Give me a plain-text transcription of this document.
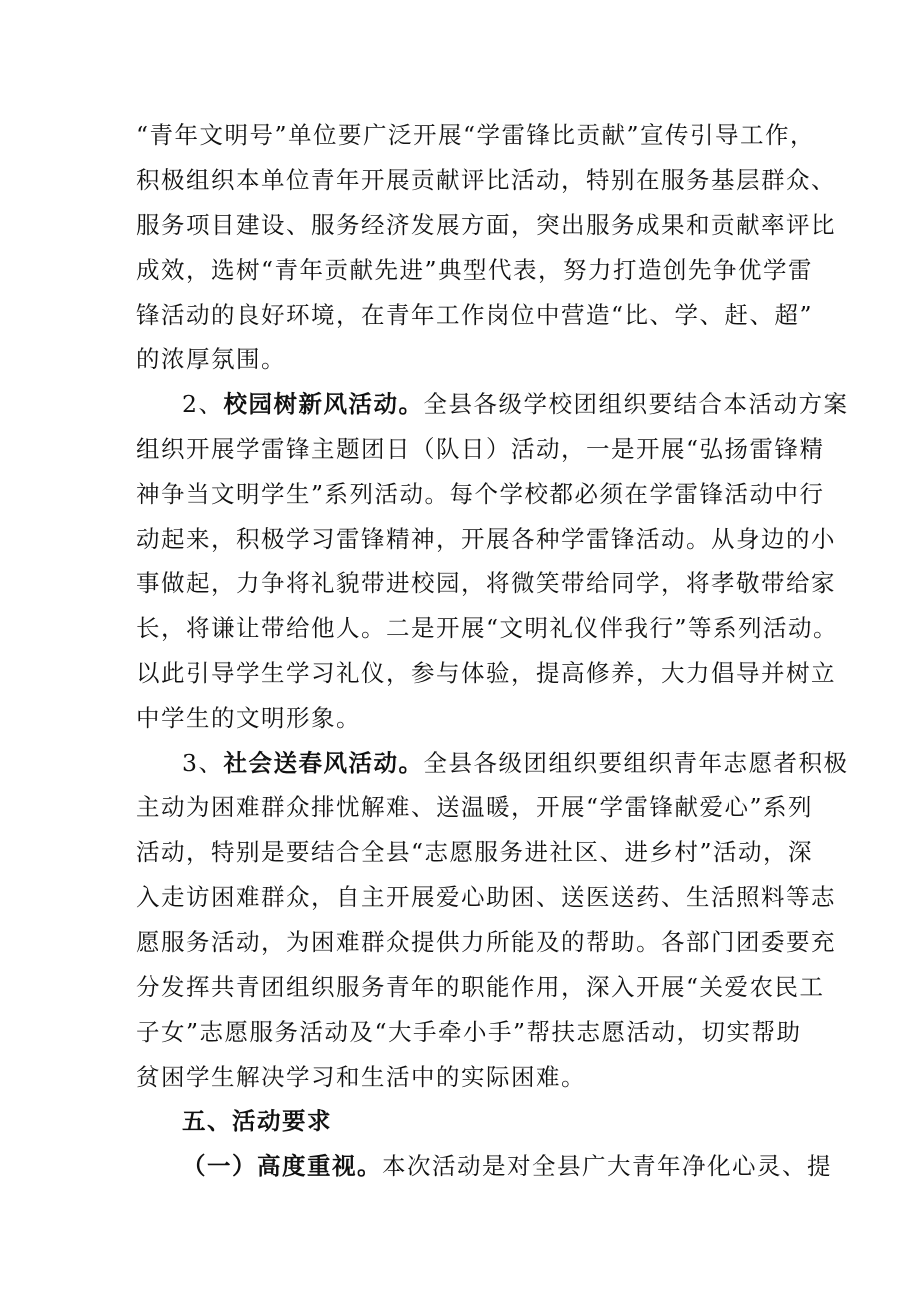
“青年文明号”单位要广泛开展“学雷锋比贡献”宣传引导工作，
积极组织本单位青年开展贡献评比活动，特别在服务基层群众、
服务项目建设、服务经济发展方面，突出服务成果和贡献率评比
成效，选树“青年贡献先进”典型代表，努力打造创先争优学雷
锋活动的良好环境，在青年工作岗位中营造“比、学、赶、超”
的浓厚氛围。
2、校园树新风活动。全县各级学校团组织要结合本活动方案
组织开展学雷锋主题团日（队日）活动，一是开展“弘扬雷锋精
神争当文明学生”系列活动。每个学校都必须在学雷锋活动中行
动起来，积极学习雷锋精神，开展各种学雷锋活动。从身边的小
事做起，力争将礼貌带进校园，将微笑带给同学，将孝敬带给家
长，将谦让带给他人。二是开展“文明礼仪伴我行”等系列活动。
以此引导学生学习礼仪，参与体验，提高修养，大力倡导并树立
中学生的文明形象。
3、社会送春风活动。全县各级团组织要组织青年志愿者积极
主动为困难群众排忧解难、送温暖，开展“学雷锋献爱心”系列
活动，特别是要结合全县“志愿服务进社区、进乡村”活动，深
入走访困难群众，自主开展爱心助困、送医送药、生活照料等志
愿服务活动，为困难群众提供力所能及的帮助。各部门团委要充
分发挥共青团组织服务青年的职能作用，深入开展“关爱农民工
子女”志愿服务活动及“大手牵小手”帮扶志愿活动，切实帮助
贫困学生解决学习和生活中的实际困难。
五、活动要求
（一）高度重视。本次活动是对全县广大青年净化心灵、提
